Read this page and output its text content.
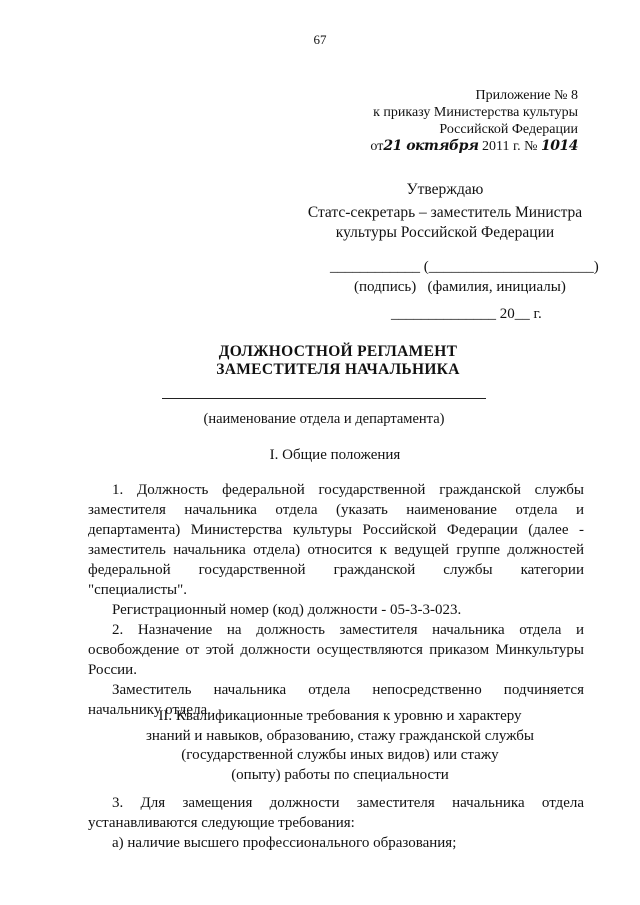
67
Приложение № 8
к приказу Министерства культуры
Российской Федерации
от21 октября 2011 г. № 1014
Утверждаю
Статс-секретарь – заместитель Министра
культуры Российской Федерации
____________ (______________________)
(подпись)   (фамилия, инициалы)
______________ 20__ г.
ДОЛЖНОСТНОЙ РЕГЛАМЕНТ
ЗАМЕСТИТЕЛЯ НАЧАЛЬНИКА
(наименование отдела и департамента)
I. Общие положения
1. Должность федеральной государственной гражданской службы
заместителя начальника отдела (указать наименование отдела и
департамента) Министерства культуры Российской Федерации (далее -
заместитель начальника отдела) относится к ведущей группе должностей
федеральной государственной гражданской службы категории
"специалисты".
Регистрационный номер (код) должности - 05-3-3-023.
2. Назначение на должность заместителя начальника отдела и
освобождение от этой должности осуществляются приказом Минкультуры
России.
Заместитель начальника отдела непосредственно подчиняется
начальнику отдела.
II. Квалификационные требования к уровню и характеру
знаний и навыков, образованию, стажу гражданской службы
(государственной службы иных видов) или стажу
(опыту) работы по специальности
3. Для замещения должности заместителя начальника отдела
устанавливаются следующие требования:
а) наличие высшего профессионального образования;
